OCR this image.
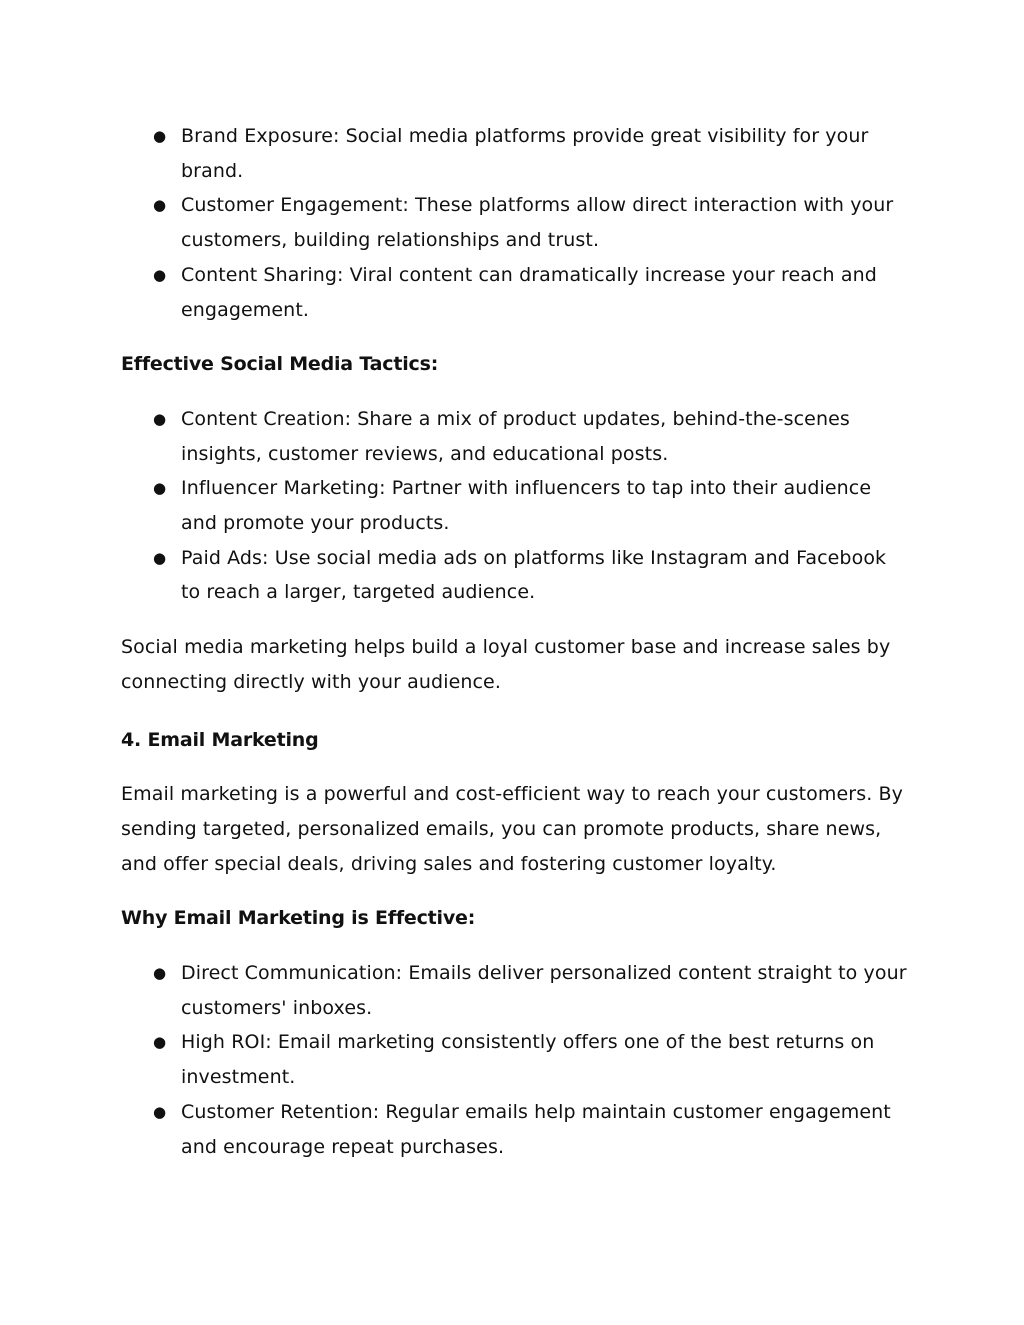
● Brand Exposure: Social media platforms provide great visibility for your brand.
● Customer Engagement: These platforms allow direct interaction with your customers, building relationships and trust.
● Content Sharing: Viral content can dramatically increase your reach and engagement.

Effective Social Media Tactics:

● Content Creation: Share a mix of product updates, behind-the-scenes insights, customer reviews, and educational posts.
● Influencer Marketing: Partner with influencers to tap into their audience and promote your products.
● Paid Ads: Use social media ads on platforms like Instagram and Facebook to reach a larger, targeted audience.

Social media marketing helps build a loyal customer base and increase sales by connecting directly with your audience.

4. Email Marketing

Email marketing is a powerful and cost-efficient way to reach your customers. By sending targeted, personalized emails, you can promote products, share news, and offer special deals, driving sales and fostering customer loyalty.

Why Email Marketing is Effective:

● Direct Communication: Emails deliver personalized content straight to your customers' inboxes.
● High ROI: Email marketing consistently offers one of the best returns on investment.
● Customer Retention: Regular emails help maintain customer engagement and encourage repeat purchases.
